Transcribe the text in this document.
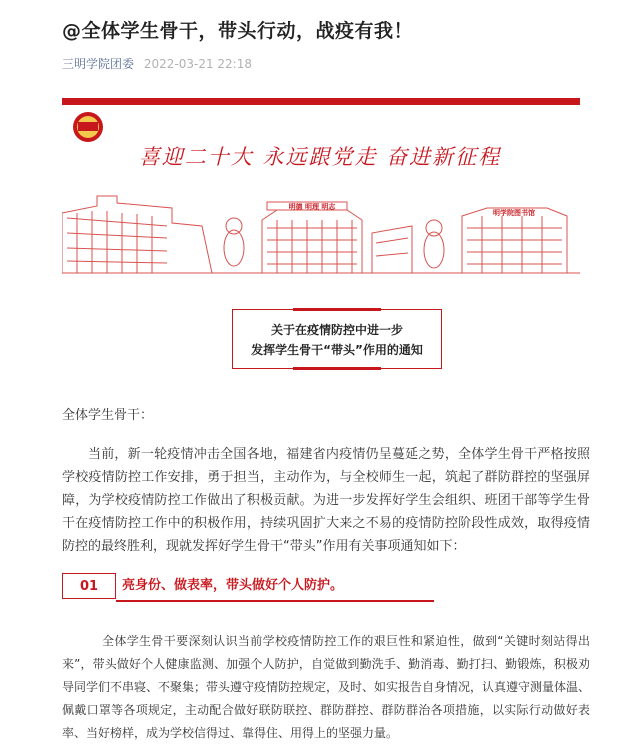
@全体学生骨干，带头行动，战疫有我！
三明学院团委 2022-03-21 22:18
喜迎二十大 永远跟党走 奋进新征程
明德 明理 明志
明学院图书馆
关于在疫情防控中进一步
发挥学生骨干“带头”作用的通知
全体学生骨干：

当前，新一轮疫情冲击全国各地，福建省内疫情仍呈蔓延之势，全体学生骨干严格按照学校疫情防控工作安排，勇于担当，主动作为，与全校师生一起，筑起了群防群控的坚强屏障，为学校疫情防控工作做出了积极贡献。为进一步发挥好学生会组织、班团干部等学生骨干在疫情防控工作中的积极作用，持续巩固扩大来之不易的疫情防控阶段性成效，取得疫情防控的最终胜利，现就发挥好学生骨干“带头”作用有关事项通知如下：

01	亮身份、做表率，带头做好个人防护。

全体学生骨干要深刻认识当前学校疫情防控工作的艰巨性和紧迫性，做到“关键时刻站得出来”，带头做好个人健康监测、加强个人防护，自觉做到勤洗手、勤消毒、勤打扫、勤锻炼，积极劝导同学们不串寝、不聚集；带头遵守疫情防控规定，及时、如实报告自身情况，认真遵守测量体温、佩戴口罩等各项规定，主动配合做好联防联控、群防群控、群防群治各项措施，以实际行动做好表率、当好榜样，成为学校信得过、靠得住、用得上的坚强力量。
